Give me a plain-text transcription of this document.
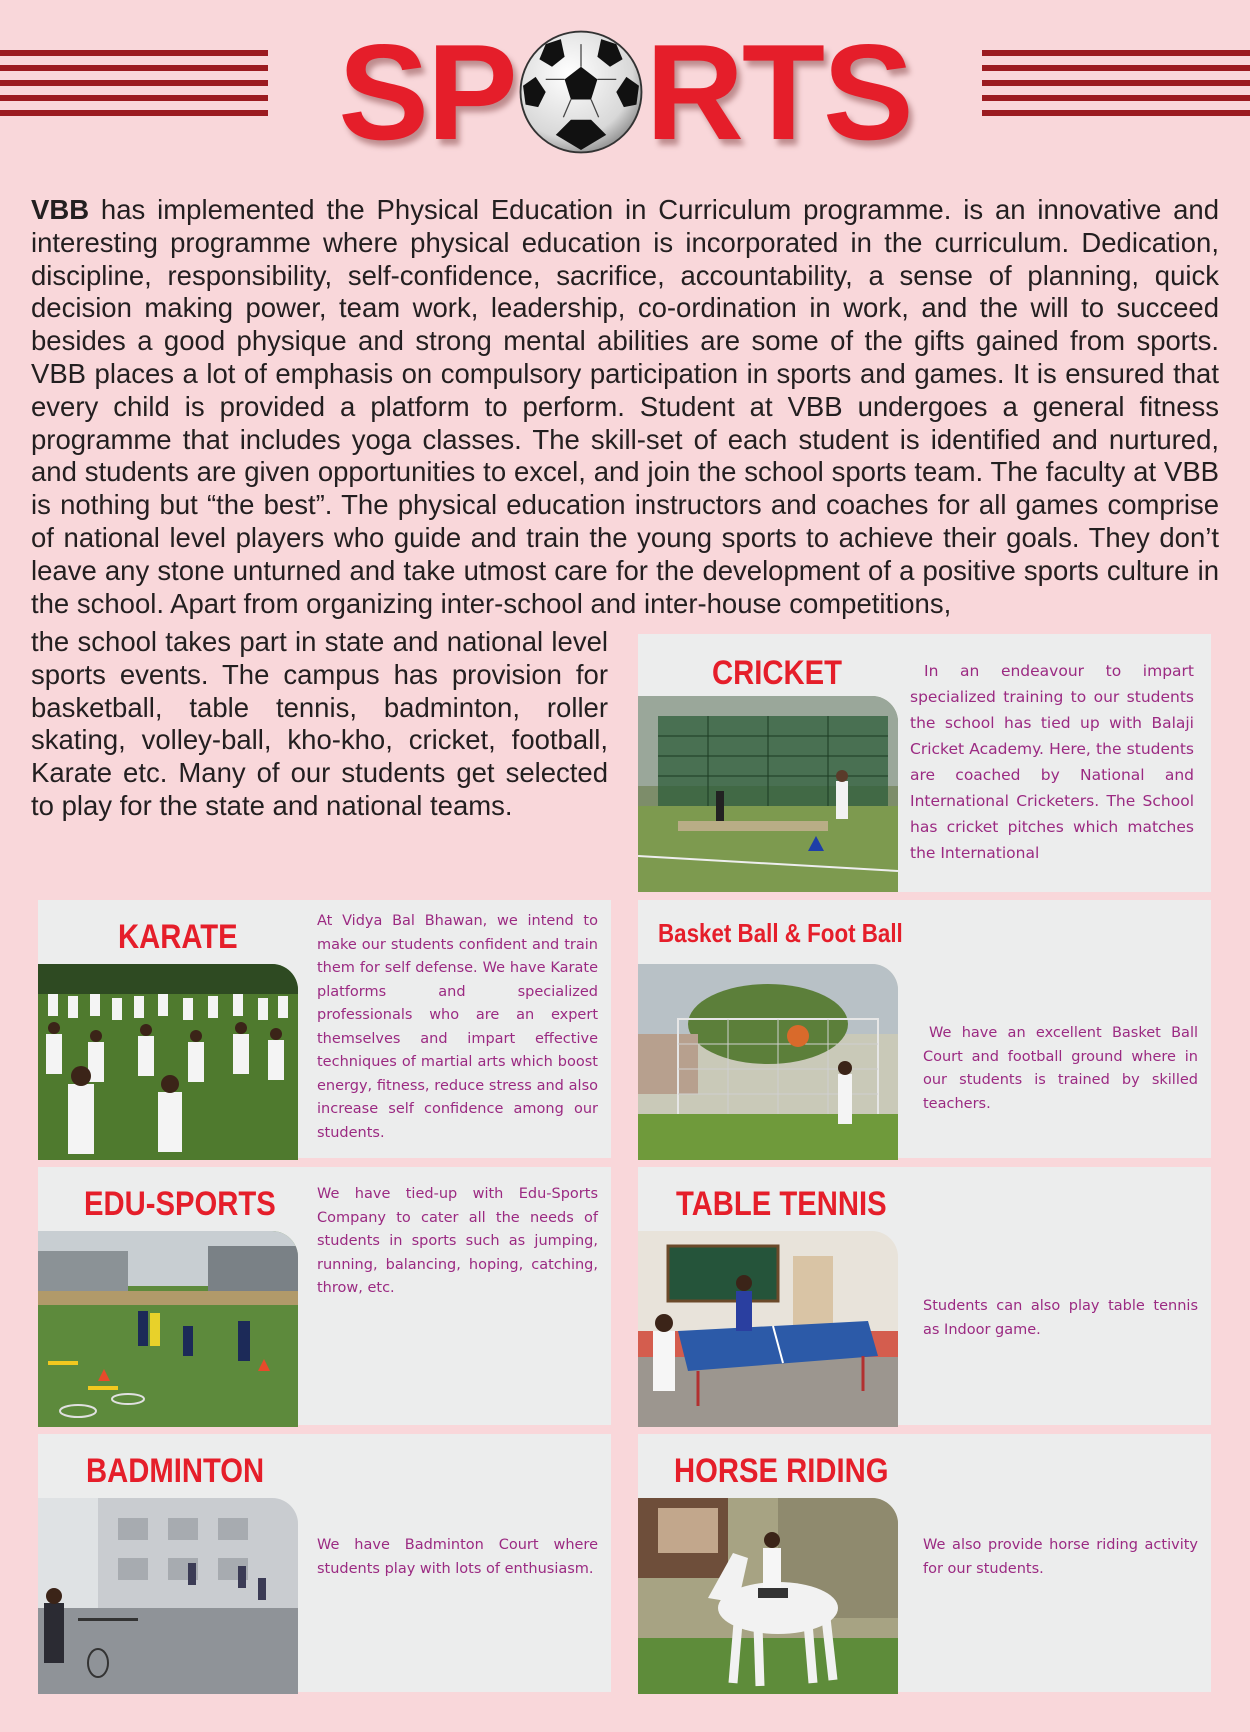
SP RTS
VBB has implemented the Physical Education in Curriculum programme. is an innovative and interesting programme where physical education is incorporated in the curriculum. Dedication, discipline, responsibility, self-confidence, sacrifice, accountability, a sense of planning, quick decision making power, team work, leadership, co-ordination in work, and the will to succeed besides a good physique and strong mental abilities are some of the gifts gained from sports. VBB places a lot of emphasis on compulsory participation in sports and games. It is ensured that every child is provided a platform to perform. Student at VBB undergoes a general fitness programme that includes yoga classes. The skill-set of each student is identified and nurtured, and students are given opportunities to excel, and join the school sports team. The faculty at VBB is nothing but “the best”. The physical education instructors and coaches for all games comprise of national level players who guide and train the young sports to achieve their goals. They don’t leave any stone unturned and take utmost care for the development of a positive sports culture in the school. Apart from organizing inter-school and inter-house competitions,
the school takes part in state and national level sports events. The campus has provision for basketball, table tennis, badminton, roller skating, volley-ball, kho-kho, cricket, football, Karate etc. Many of our students get selected to play for the state and national teams.
CRICKET	In an endeavour to impart specialized training to our students the school has tied up with Balaji Cricket Academy. Here, the students are coached by National and International Cricketers. The School has cricket pitches which matches the International
KARATE	At Vidya Bal Bhawan, we intend to make our students confident and train them for self defense. We have Karate platforms and specialized professionals who are an expert themselves and impart effective techniques of martial arts which boost energy, fitness, reduce stress and also increase self confidence among our students.
Basket Ball & Foot Ball
We have an excellent Basket Ball Court and football ground where in our students is trained by skilled teachers.
EDU-SPORTS	We have tied-up with Edu-Sports Company to cater all the needs of students in sports such as jumping, running, balancing, hoping, catching, throw, etc.
TABLE TENNIS
Students can also play table tennis as Indoor game.
BADMINTON
We have Badminton Court where students play with lots of enthusiasm.
HORSE RIDING
We also provide horse riding activity for our students.
